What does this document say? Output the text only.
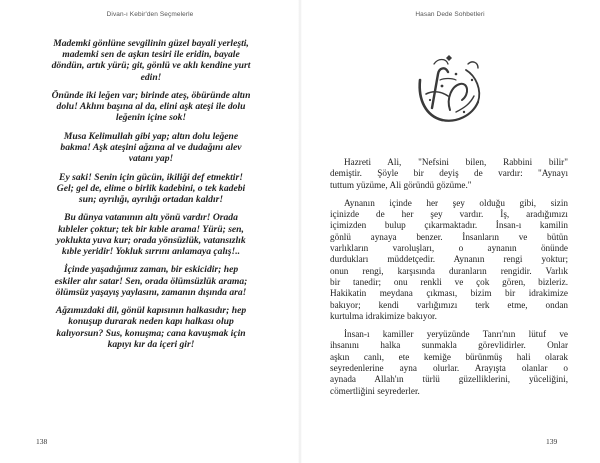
Divan-ı Kebir'den Seçmelerle
Mademki gönlüne sevgilinin güzel bayali yerleşti,
mademki sen de aşkın tesiri ile eridin, bayale
döndün, artık yürü; git, gönlü ve aklı kendine yurt
edin!
Önünde iki leğen var; birinde ateş, öbüründe altın
dolu! Aklını başına al da, elini aşk ateşi ile dolu
leğenin içine sok!
Musa Kelimullah gibi yap; altın dolu leğene
bakma! Aşk ateşini ağzına al ve dudağını alev
vatanı yap!
Ey saki! Senin için gücün, ikiliği def etmektir!
Gel; gel de, elime o birlik kadebini, o tek kadebi
sun; ayrılığı, ayrılığı ortadan kaldır!
Bu dünya vatanının altı yönü vardır! Orada
kıbleler çoktur; tek bir kıble arama! Yürü; sen,
yoklukta yuva kur; orada yönsüzlük, vatansızlık
kıble yeridir! Yokluk sırrını anlamaya çalış!..
İçinde yaşadığımız zaman, bir eskicidir; hep
eskiler alır satar! Sen, orada ölümsüzlük arama;
ölümsüz yaşayış yaylasını, zamanın dışında ara!
Ağzımızdaki dil, gönül kapısının halkasıdır; hep
konuşup durarak neden kapı halkası olup
kalıyorsun? Sus, konuşma; cana kavuşmak için
kapıyı kır da içeri gir!
138
Hasan Dede Sohbetleri
Hazreti Ali, "Nefsini bilen, Rabbini bilir"
demiştir. Şöyle bir deyiş de vardır: "Aynayı
tuttum yüzüme, Ali göründü gözüme."
Aynanın içinde her şey olduğu gibi, sizin
içinizde de her şey vardır. İş, aradığımızı
içimizden bulup çıkarmaktadır. İnsan-ı kamilin
gönlü aynaya benzer. İnsanların ve bütün
varlıkların varoluşları, o aynanın önünde
durdukları müddetçedir. Aynanın rengi yoktur;
onun rengi, karşısında duranların rengidir. Varlık
bir tanedir; onu renkli ve çok gören, bizleriz.
Hakikatin meydana çıkması, bizim bir idrakimize
bakıyor; kendi varlığımızı terk etme, ondan
kurtulma idrakimize bakıyor.
İnsan-ı kamiller yeryüzünde Tanrı'nın lütuf ve
ihsanını halka sunmakla görevlidirler. Onlar
aşkın canlı, ete kemiğe bürünmüş hali olarak
seyredenlerine ayna olurlar. Arayışta olanlar o
aynada Allah'ın türlü güzelliklerini, yüceliğini,
cömertliğini seyrederler.
139
